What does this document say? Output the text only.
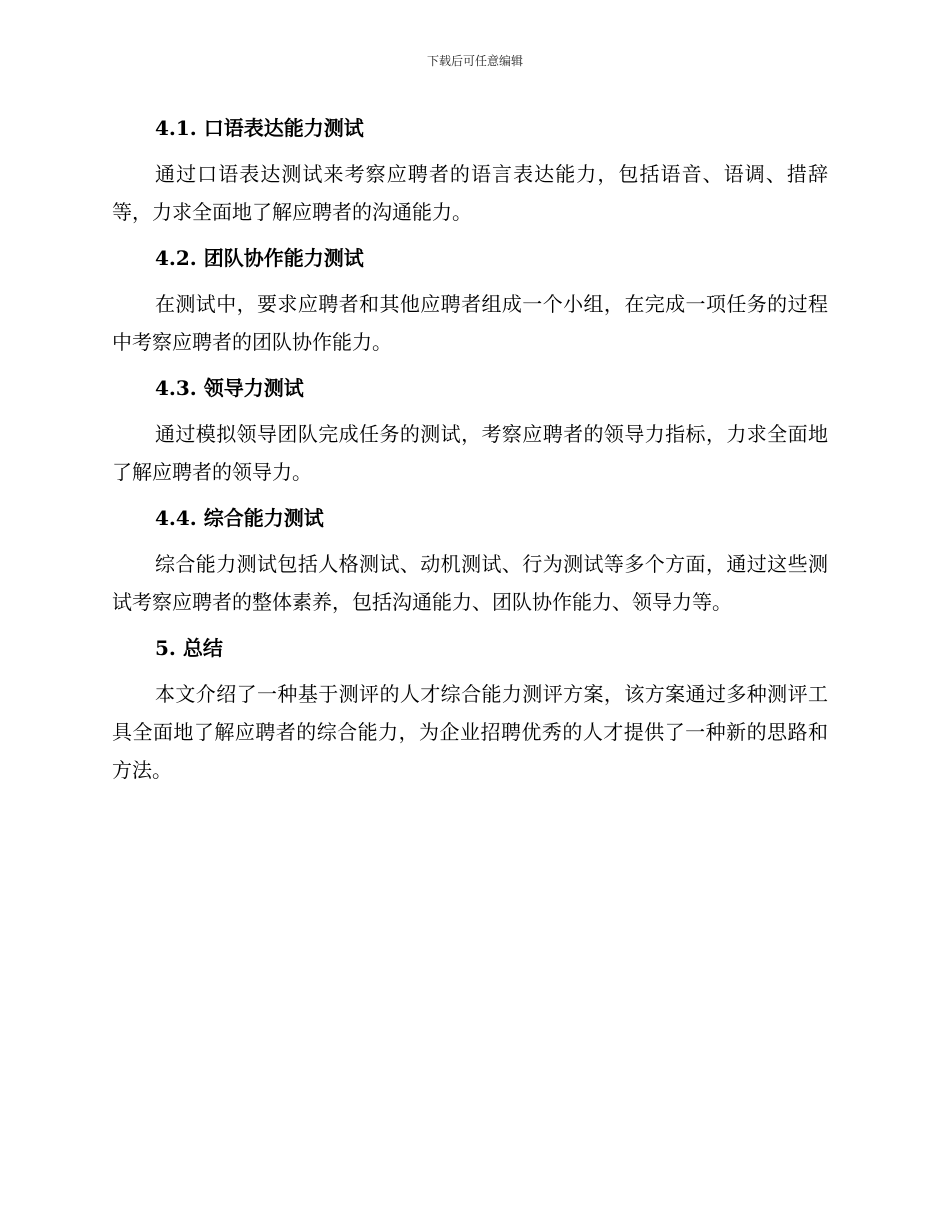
下载后可任意编辑
4.1. 口语表达能力测试

通过口语表达测试来考察应聘者的语言表达能力，包括语音、语调、措辞等，力求全面地了解应聘者的沟通能力。

4.2. 团队协作能力测试

在测试中，要求应聘者和其他应聘者组成一个小组，在完成一项任务的过程中考察应聘者的团队协作能力。

4.3. 领导力测试

通过模拟领导团队完成任务的测试，考察应聘者的领导力指标，力求全面地了解应聘者的领导力。

4.4. 综合能力测试

综合能力测试包括人格测试、动机测试、行为测试等多个方面，通过这些测试考察应聘者的整体素养，包括沟通能力、团队协作能力、领导力等。

5. 总结

本文介绍了一种基于测评的人才综合能力测评方案，该方案通过多种测评工具全面地了解应聘者的综合能力，为企业招聘优秀的人才提供了一种新的思路和方法。
